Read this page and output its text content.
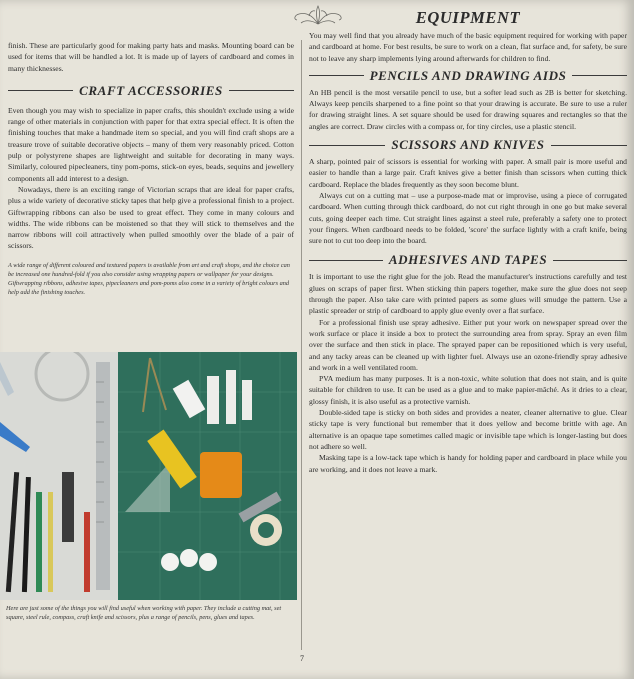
finish. These are particularly good for making party hats and masks. Mounting board can be used for items that will be handled a lot. It is made up of layers of cardboard and comes in many thicknesses.

CRAFT ACCESSORIES

Even though you may wish to specialize in paper crafts, this shouldn't exclude using a wide range of other materials in conjunction with paper for that extra special effect. It is often the finishing touches that make a handmade item so special, and you will find craft shops are a treasure trove of suitable decorative objects – many of them very reasonably priced. Cotton pulp or polystyrene shapes are lightweight and suitable for decorating in many ways. Similarly, coloured pipecleaners, tiny pom-poms, stick-on eyes, beads, sequins and jewellery components all add interest to a design.

Nowadays, there is an exciting range of Victorian scraps that are ideal for paper crafts, plus a wide variety of decorative sticky tapes that help give a professional finish to a project. Giftwrapping ribbons can also be used to great effect. They come in many colours and widths. The wide ribbons can be moistened so that they will stick to themselves and the narrow ribbons will coil attractively when pulled smoothly over the blade of a pair of scissors.

A wide range of different coloured and textured papers is available from art and craft shops, and the choice can be increased one hundred-fold if you also consider using wrapping papers or wallpaper for your designs. Giftwrapping ribbons, adhesive tapes, pipecleaners and pom-poms also come in a variety of bright colours and help add the finishing touches.

Here are just some of the things you will find useful when working with paper. They include a cutting mat, set square, steel rule, compass, craft knife and scissors, plus a range of pencils, pens, glues and tapes.

EQUIPMENT

You may well find that you already have much of the basic equipment required for working with paper and cardboard at home. For best results, be sure to work on a clean, flat surface and, for safety, be sure not to leave any sharp implements lying around afterwards for children to find.

PENCILS AND DRAWING AIDS

An HB pencil is the most versatile pencil to use, but a softer lead such as 2B is better for sketching. Always keep pencils sharpened to a fine point so that your drawing is accurate. Be sure to use a ruler for drawing straight lines. A set square should be used for drawing squares and rectangles so that the angles are correct. Draw circles with a compass or, for tiny circles, use a plastic stencil.

SCISSORS AND KNIVES

A sharp, pointed pair of scissors is essential for working with paper. A small pair is more useful and easier to handle than a large pair. Craft knives give a better finish than scissors when cutting thick cardboard. Replace the blades frequently as they soon become blunt.

Always cut on a cutting mat – use a purpose-made mat or improvise, using a piece of corrugated cardboard. When cutting through thick cardboard, do not cut right through in one go but make several cuts, going deeper each time. Cut straight lines against a steel rule, preferably a safety one to protect your fingers. When cardboard needs to be folded, 'score' the surface lightly with a craft knife, being sure not to cut too deep into the board.

ADHESIVES AND TAPES

It is important to use the right glue for the job. Read the manufacturer's instructions carefully and test glues on scraps of paper first. When sticking thin papers together, make sure the glue does not seep through the paper. Also take care with printed papers as some glues will smudge the pattern. Use a plastic spreader or strip of cardboard to apply glue evenly over a flat surface.

For a professional finish use spray adhesive. Either put your work on newspaper spread over the work surface or place it inside a box to protect the surrounding area from spray. Spray an even film over the surface and then stick in place. The sprayed paper can be repositioned which is very useful, and any tacky areas can be cleaned up with lighter fuel. Always use an ozone-friendly spray adhesive and work in a well ventilated room.

PVA medium has many purposes. It is a non-toxic, white solution that does not stain, and is quite suitable for children to use. It can be used as a glue and to make papier-mâché. As it dries to a clear, glossy finish, it is also useful as a protective varnish.

Double-sided tape is sticky on both sides and provides a neater, cleaner alternative to glue. Clear sticky tape is very functional but remember that it does yellow and become brittle with age. An alternative is an opaque tape sometimes called magic or invisible tape which is longer-lasting but does not adhere so well.

Masking tape is a low-tack tape which is handy for holding paper and cardboard in place while you are working, and it does not leave a mark.

7
